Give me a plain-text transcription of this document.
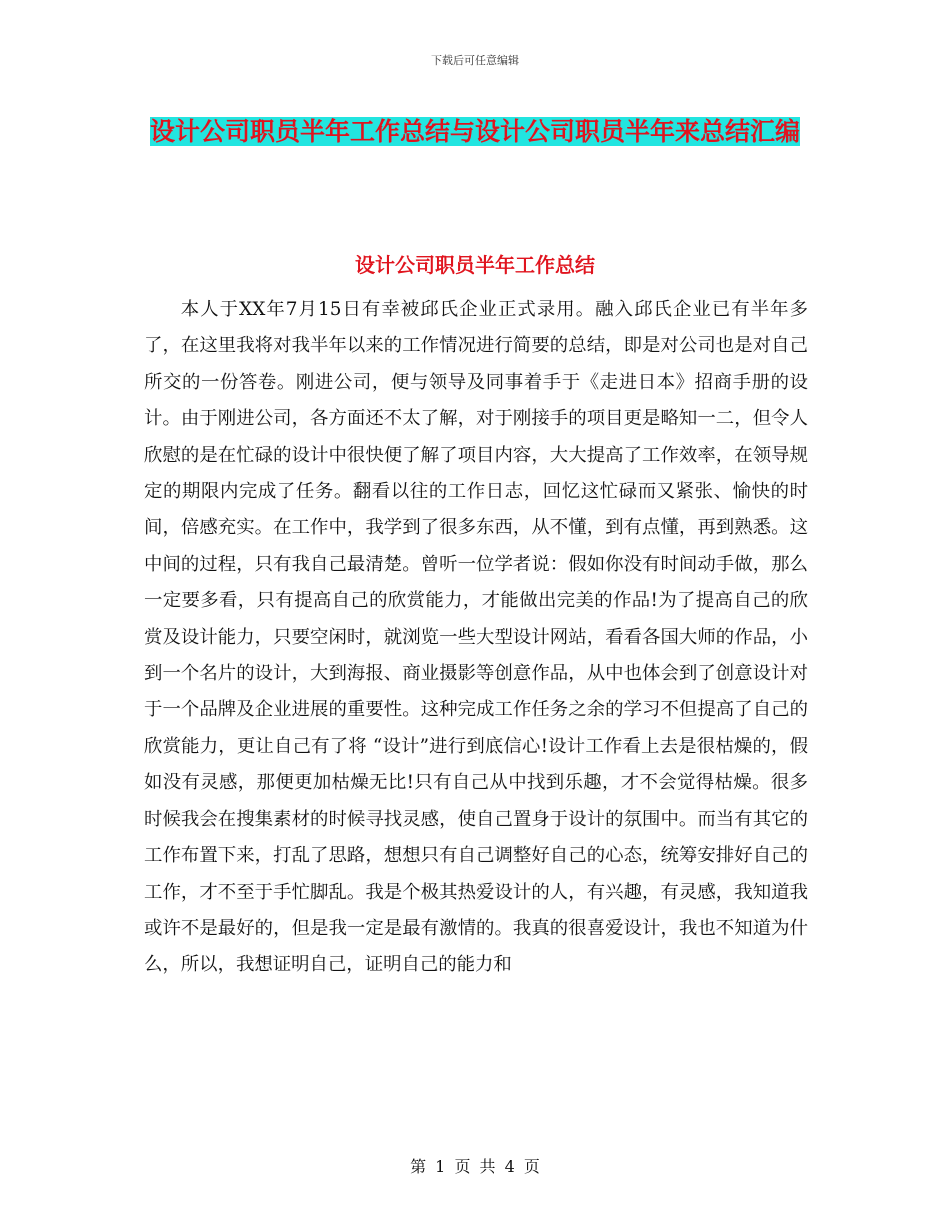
下载后可任意编辑
设计公司职员半年工作总结与设计公司职员半年来总结汇编
设计公司职员半年工作总结

本人于XX年7月15日有幸被邱氏企业正式录用。融入邱氏企业已有半年多了，在这里我将对我半年以来的工作情况进行简要的总结，即是对公司也是对自己所交的一份答卷。刚进公司，便与领导及同事着手于《走进日本》招商手册的设计。由于刚进公司，各方面还不太了解，对于刚接手的项目更是略知一二，但令人欣慰的是在忙碌的设计中很快便了解了项目内容，大大提高了工作效率，在领导规定的期限内完成了任务。翻看以往的工作日志，回忆这忙碌而又紧张、愉快的时间，倍感充实。在工作中，我学到了很多东西，从不懂，到有点懂，再到熟悉。这中间的过程，只有我自己最清楚。曾听一位学者说：假如你没有时间动手做，那么一定要多看，只有提高自己的欣赏能力，才能做出完美的作品!为了提高自己的欣赏及设计能力，只要空闲时，就浏览一些大型设计网站，看看各国大师的作品，小到一个名片的设计，大到海报、商业摄影等创意作品，从中也体会到了创意设计对于一个品牌及企业进展的重要性。这种完成工作任务之余的学习不但提高了自己的欣赏能力，更让自己有了将 “设计”进行到底信心!设计工作看上去是很枯燥的，假如没有灵感，那便更加枯燥无比!只有自己从中找到乐趣，才不会觉得枯燥。很多时候我会在搜集素材的时候寻找灵感，使自己置身于设计的氛围中。而当有其它的工作布置下来，打乱了思路，想想只有自己调整好自己的心态，统筹安排好自己的工作，才不至于手忙脚乱。我是个极其热爱设计的人，有兴趣，有灵感，我知道我或许不是最好的，但是我一定是最有激情的。我真的很喜爱设计，我也不知道为什么，所以，我想证明自己，证明自己的能力和

第 1 页 共 4 页
